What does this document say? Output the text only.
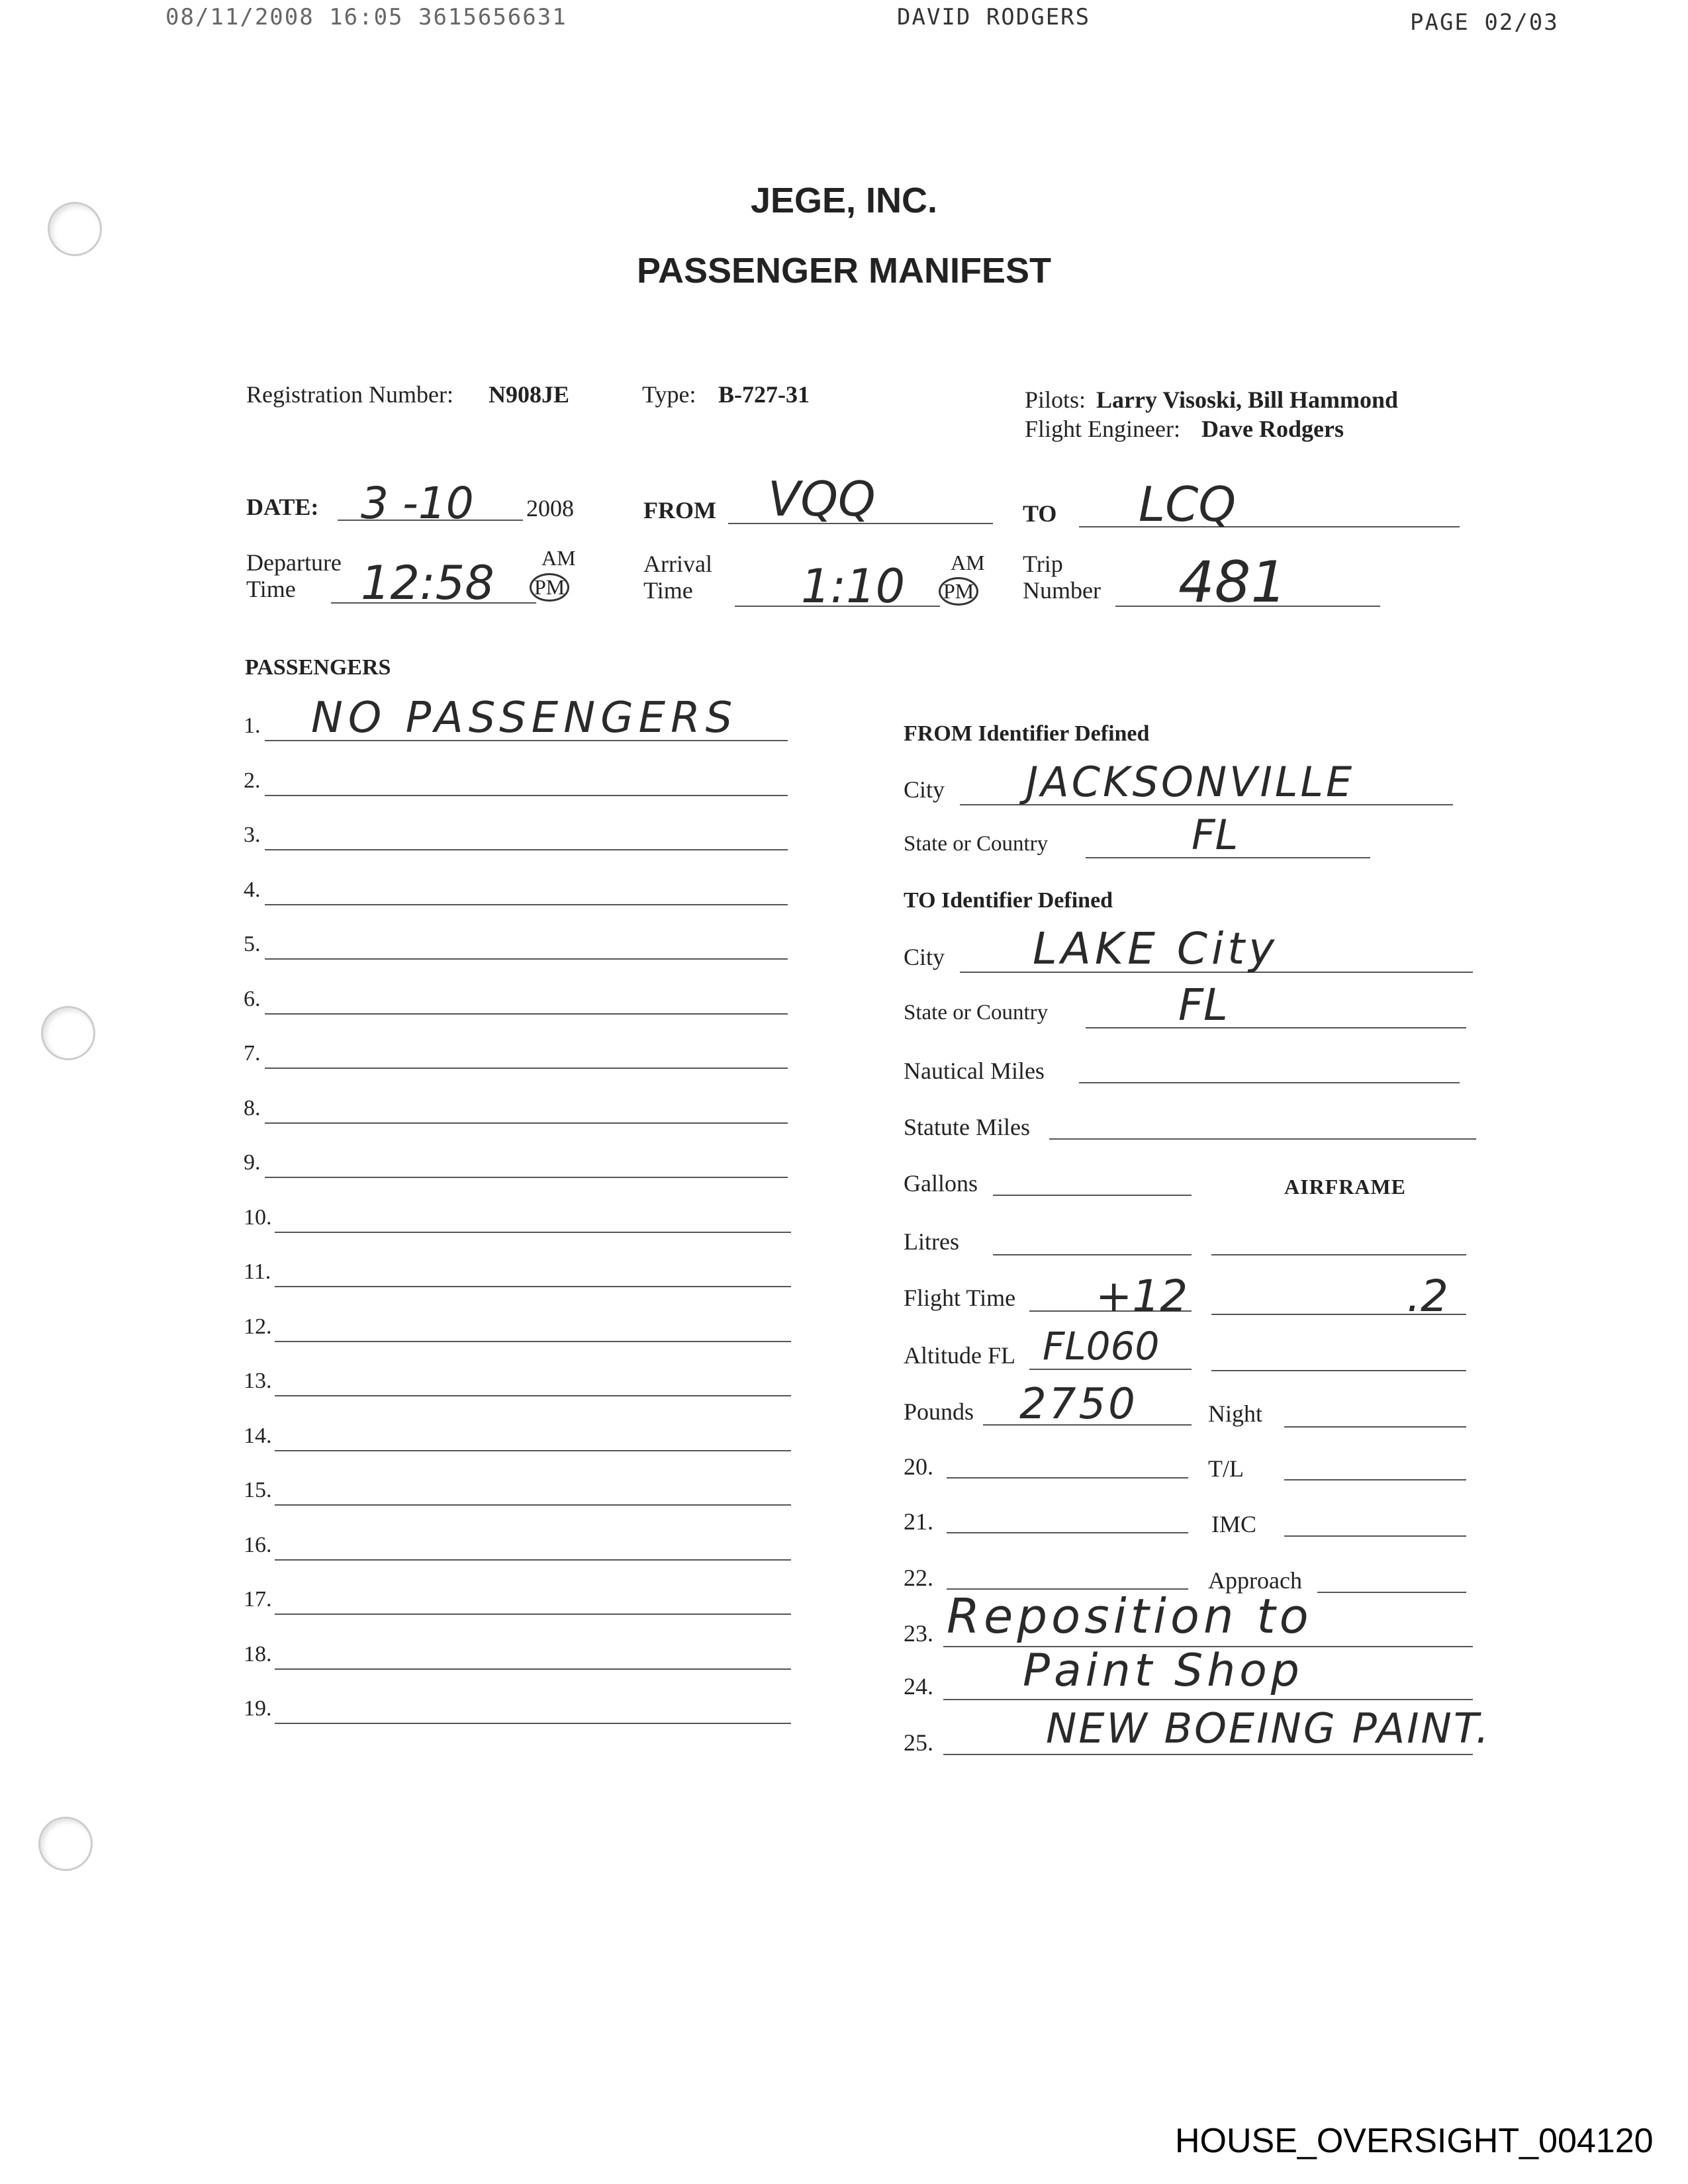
08/11/2008 16:05 3615656631	DAVID RODGERS	PAGE 02/03
JEGE, INC.
PASSENGER MANIFEST
Registration Number: N908JE	Type: B-727-31	Pilots: Larry Visoski, Bill Hammond
Flight Engineer: Dave Rodgers
DATE: 3 -10 2008	FROM VQQ	TO LCQ
Departure
Time	12:58 AM
PM
Arrival
Time	1:10 AM
PM
Trip
Number 481
PASSENGERS
1. NO PASSENGERS
2.
3.
4.
5.
6.
7.
8.
9.
10.
11.
12.
13.
14.
15.
16.
17.
18.
19.
FROM Identifier Defined
City JACKSONVILLE
State or Country	FL
TO Identifier Defined
City LAKE City
State or Country	FL
Nautical Miles
Statute Miles
Gallons	AIRFRAME
Litres
Flight Time +12	.2
Altitude FL FL060
Pounds 2750	Night
20.	T/L
21.	IMC
22.	Approach
23. Reposition to
24. Paint Shop
25.	NEW BOEING PAINT.
HOUSE_OVERSIGHT_004120
